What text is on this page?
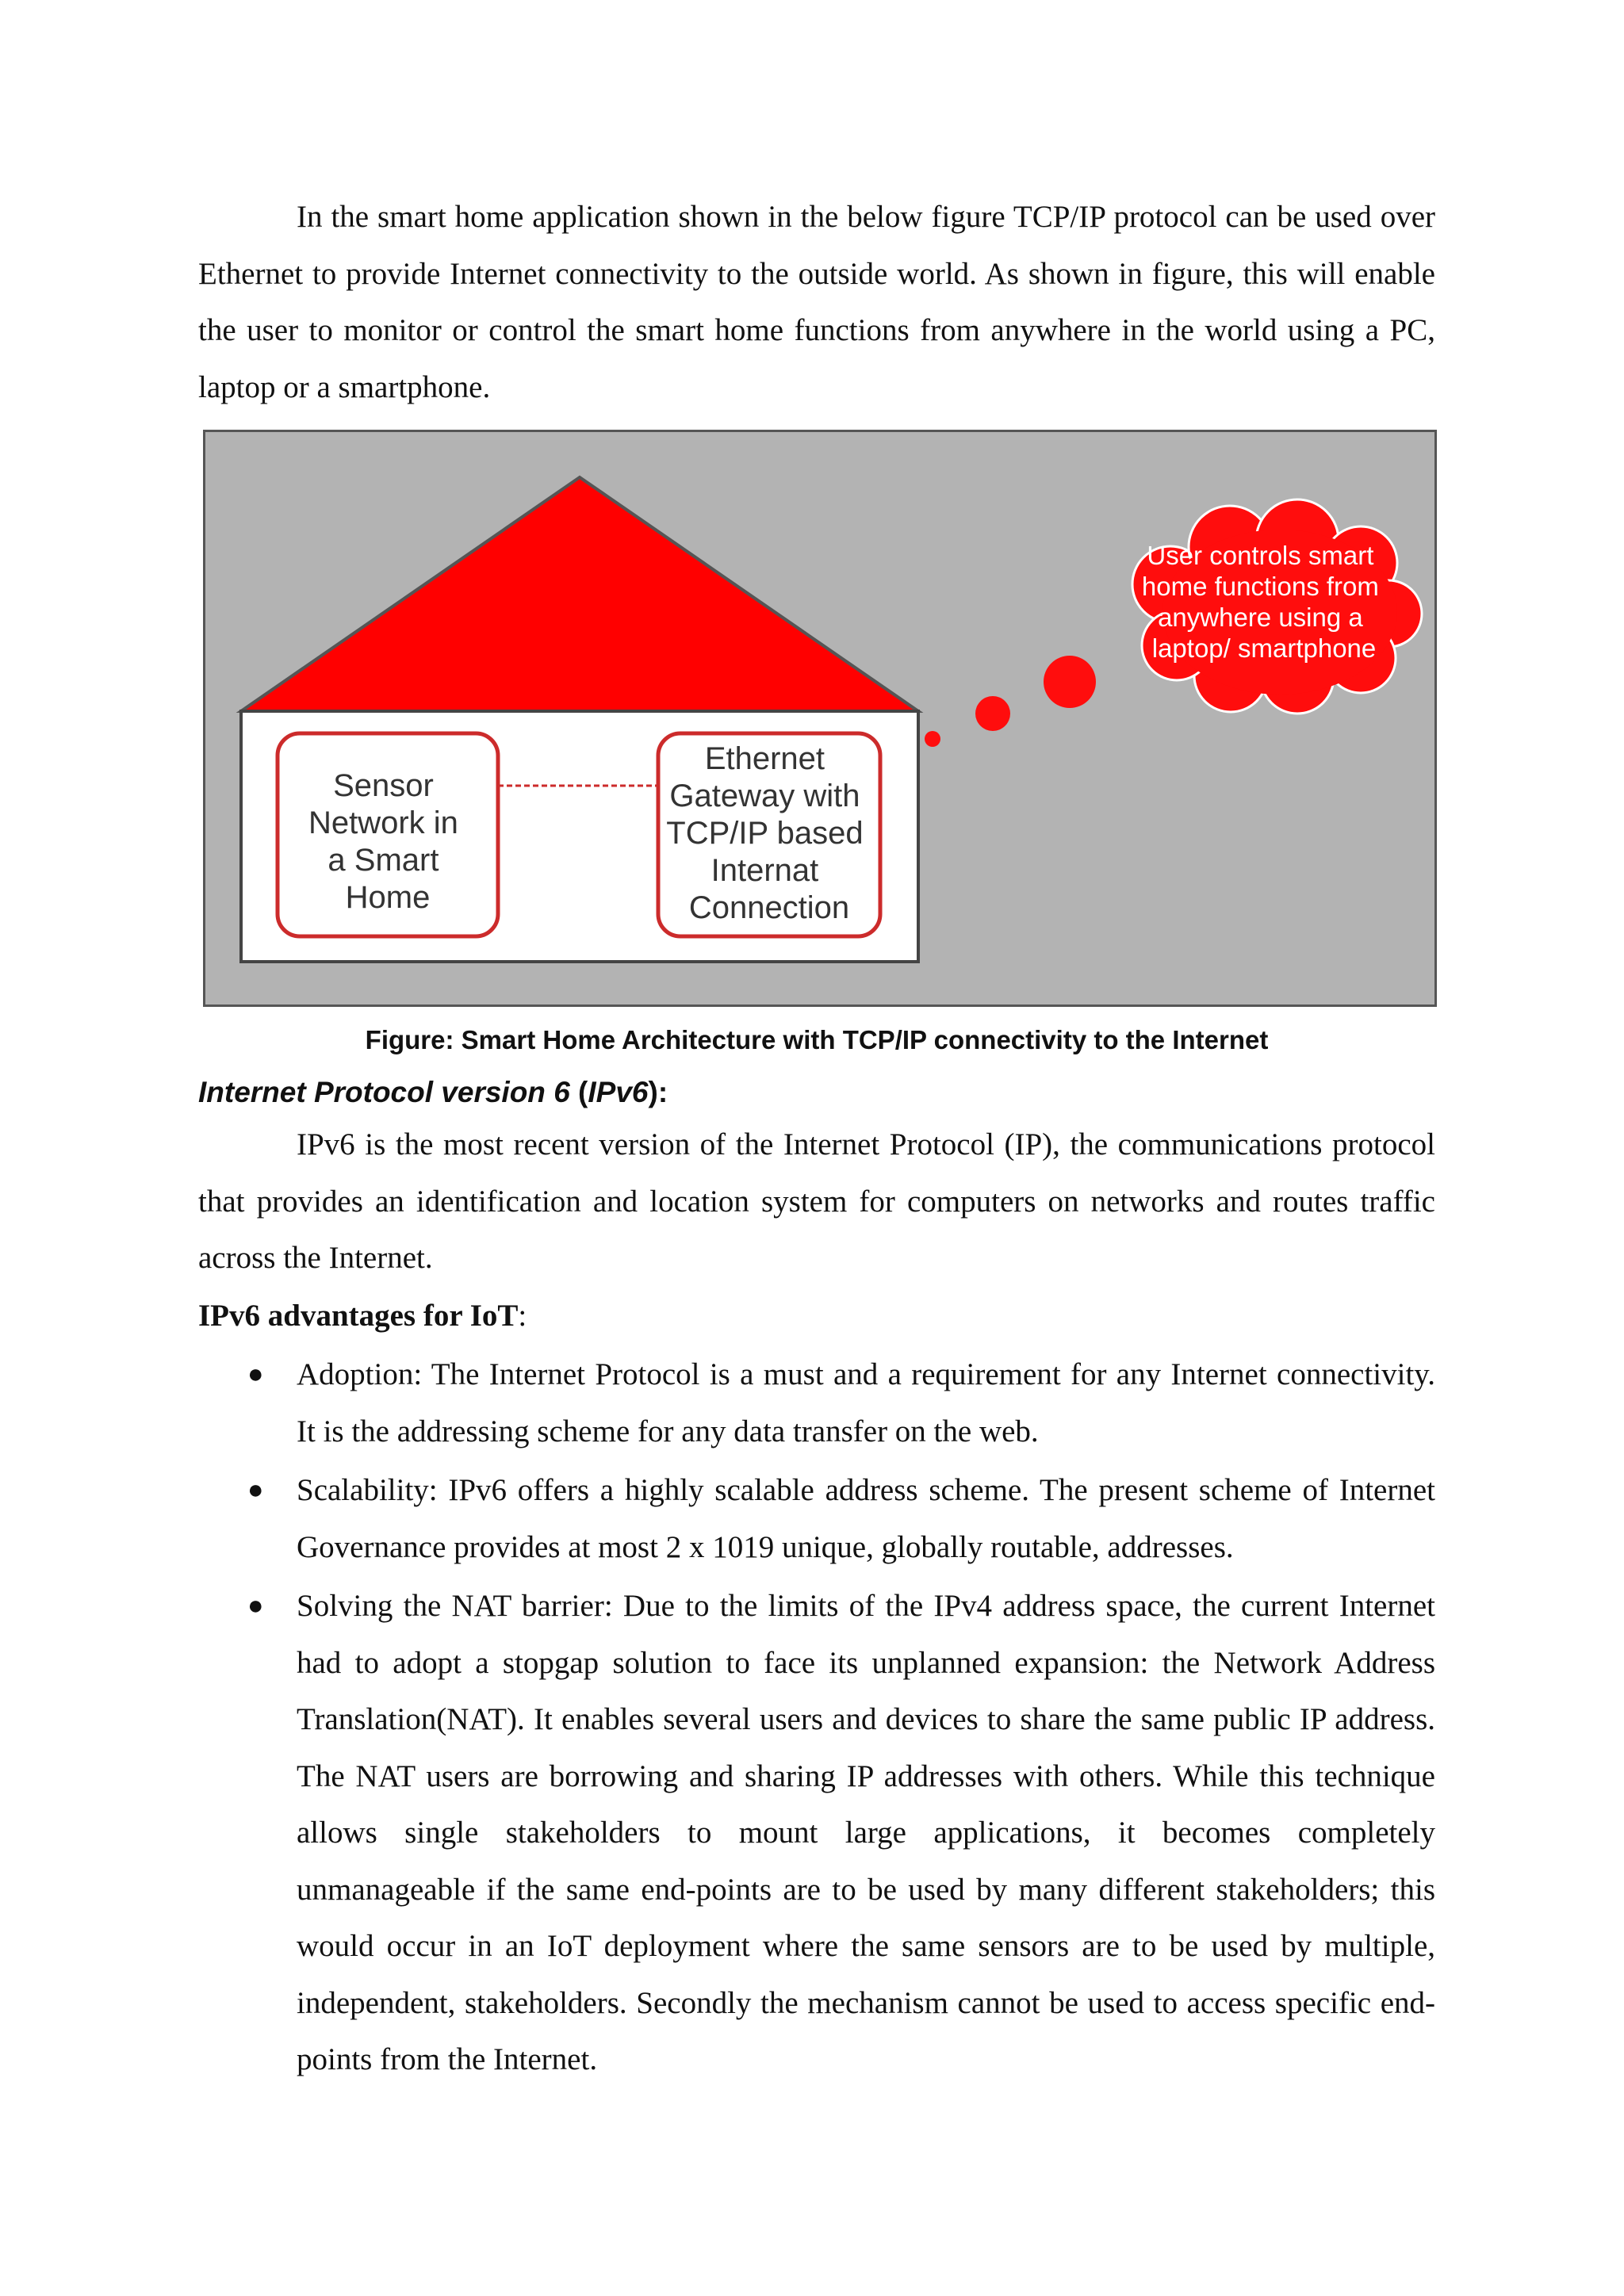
In the smart home application shown in the below figure TCP/IP protocol can be used over Ethernet to provide Internet connectivity to the outside world. As shown in figure, this will enable the user to monitor or control the smart home functions from anywhere in the world using a PC, laptop or a smartphone.

Sensor Network in a Smart Home
Ethernet Gateway with TCP/IP based Internat Connection
User controls smart home functions from anywhere using a laptop/ smartphone
Figure: Smart Home Architecture with TCP/IP connectivity to the Internet
Internet Protocol version 6 (IPv6):

IPv6 is the most recent version of the Internet Protocol (IP), the communications protocol that provides an identification and location system for computers on networks and routes traffic across the Internet.

IPv6 advantages for IoT:

● Adoption: The Internet Protocol is a must and a requirement for any Internet connectivity. It is the addressing scheme for any data transfer on the web.
● Scalability: IPv6 offers a highly scalable address scheme. The present scheme of Internet Governance provides at most 2 x 1019 unique, globally routable, addresses.
● Solving the NAT barrier: Due to the limits of the IPv4 address space, the current Internet had to adopt a stopgap solution to face its unplanned expansion: the Network Address Translation(NAT). It enables several users and devices to share the same public IP address. The NAT users are borrowing and sharing IP addresses with others. While this technique allows single stakeholders to mount large applications, it becomes completely unmanageable if the same end-points are to be used by many different stakeholders; this would occur in an IoT deployment where the same sensors are to be used by multiple, independent, stakeholders. Secondly the mechanism cannot be used to access specific end-points from the Internet.
